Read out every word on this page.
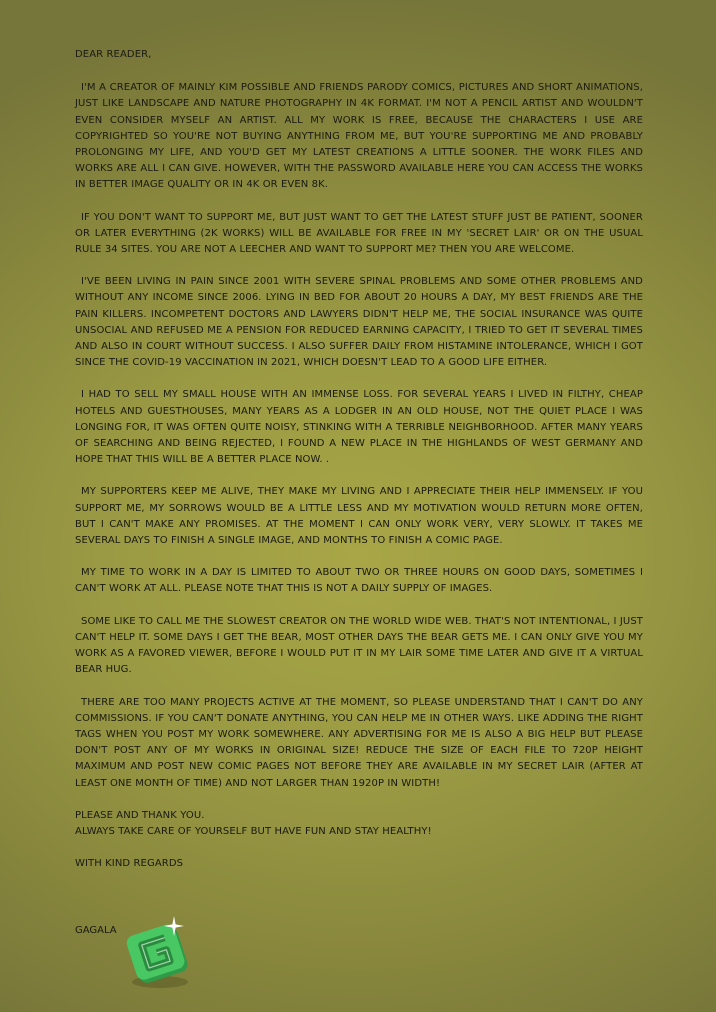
DEAR READER,

I'M A CREATOR OF MAINLY KIM POSSIBLE AND FRIENDS PARODY COMICS, PICTURES AND SHORT ANIMATIONS, JUST LIKE LANDSCAPE AND NATURE PHOTOGRAPHY IN 4K FORMAT. I'M NOT A PENCIL ARTIST AND WOULDN'T EVEN CONSIDER MYSELF AN ARTIST. ALL MY WORK IS FREE, BECAUSE THE CHARACTERS I USE ARE COPYRIGHTED SO YOU'RE NOT BUYING ANYTHING FROM ME, BUT YOU'RE SUPPORTING ME AND PROBABLY PROLONGING MY LIFE, AND YOU'D GET MY LATEST CREATIONS A LITTLE SOONER. THE WORK FILES AND WORKS ARE ALL I CAN GIVE. HOWEVER, WITH THE PASSWORD AVAILABLE HERE YOU CAN ACCESS THE WORKS IN BETTER IMAGE QUALITY OR IN 4K OR EVEN 8K.

IF YOU DON'T WANT TO SUPPORT ME, BUT JUST WANT TO GET THE LATEST STUFF JUST BE PATIENT, SOONER OR LATER EVERYTHING (2K WORKS) WILL BE AVAILABLE FOR FREE IN MY 'SECRET LAIR' OR ON THE USUAL RULE 34 SITES. YOU ARE NOT A LEECHER AND WANT TO SUPPORT ME? THEN YOU ARE WELCOME.

I'VE BEEN LIVING IN PAIN SINCE 2001 WITH SEVERE SPINAL PROBLEMS AND SOME OTHER PROBLEMS AND WITHOUT ANY INCOME SINCE 2006. LYING IN BED FOR ABOUT 20 HOURS A DAY, MY BEST FRIENDS ARE THE PAIN KILLERS. INCOMPETENT DOCTORS AND LAWYERS DIDN'T HELP ME, THE SOCIAL INSURANCE WAS QUITE UNSOCIAL AND REFUSED ME A PENSION FOR REDUCED EARNING CAPACITY, I TRIED TO GET IT SEVERAL TIMES AND ALSO IN COURT WITHOUT SUCCESS. I ALSO SUFFER DAILY FROM HISTAMINE INTOLERANCE, WHICH I GOT SINCE THE COVID-19 VACCINATION IN 2021, WHICH DOESN'T LEAD TO A GOOD LIFE EITHER.

I HAD TO SELL MY SMALL HOUSE WITH AN IMMENSE LOSS. FOR SEVERAL YEARS I LIVED IN FILTHY, CHEAP HOTELS AND GUESTHOUSES, MANY YEARS AS A LODGER IN AN OLD HOUSE, NOT THE QUIET PLACE I WAS LONGING FOR, IT WAS OFTEN QUITE NOISY, STINKING WITH A TERRIBLE NEIGHBORHOOD. AFTER MANY YEARS OF SEARCHING AND BEING REJECTED, I FOUND A NEW PLACE IN THE HIGHLANDS OF WEST GERMANY AND HOPE THAT THIS WILL BE A BETTER PLACE NOW. .

MY SUPPORTERS KEEP ME ALIVE, THEY MAKE MY LIVING AND I APPRECIATE THEIR HELP IMMENSELY. IF YOU SUPPORT ME, MY SORROWS WOULD BE A LITTLE LESS AND MY MOTIVATION WOULD RETURN MORE OFTEN, BUT I CAN'T MAKE ANY PROMISES. AT THE MOMENT I CAN ONLY WORK VERY, VERY SLOWLY. IT TAKES ME SEVERAL DAYS TO FINISH A SINGLE IMAGE, AND MONTHS TO FINISH A COMIC PAGE.

MY TIME TO WORK IN A DAY IS LIMITED TO ABOUT TWO OR THREE HOURS ON GOOD DAYS, SOMETIMES I CAN'T WORK AT ALL. PLEASE NOTE THAT THIS IS NOT A DAILY SUPPLY OF IMAGES.

SOME LIKE TO CALL ME THE SLOWEST CREATOR ON THE WORLD WIDE WEB. THAT'S NOT INTENTIONAL, I JUST CAN'T HELP IT. SOME DAYS I GET THE BEAR, MOST OTHER DAYS THE BEAR GETS ME. I CAN ONLY GIVE YOU MY WORK AS A FAVORED VIEWER, BEFORE I WOULD PUT IT IN MY LAIR SOME TIME LATER AND GIVE IT A VIRTUAL BEAR HUG.

THERE ARE TOO MANY PROJECTS ACTIVE AT THE MOMENT, SO PLEASE UNDERSTAND THAT I CAN'T DO ANY COMMISSIONS. IF YOU CAN'T DONATE ANYTHING, YOU CAN HELP ME IN OTHER WAYS. LIKE ADDING THE RIGHT TAGS WHEN YOU POST MY WORK SOMEWHERE. ANY ADVERTISING FOR ME IS ALSO A BIG HELP BUT PLEASE DON'T POST ANY OF MY WORKS IN ORIGINAL SIZE! REDUCE THE SIZE OF EACH FILE TO 720P HEIGHT MAXIMUM AND POST NEW COMIC PAGES NOT BEFORE THEY ARE AVAILABLE IN MY SECRET LAIR (AFTER AT LEAST ONE MONTH OF TIME) AND NOT LARGER THAN 1920P IN WIDTH!

PLEASE AND THANK YOU.

ALWAYS TAKE CARE OF YOURSELF BUT HAVE FUN AND STAY HEALTHY!

WITH KIND REGARDS

GAGALA
